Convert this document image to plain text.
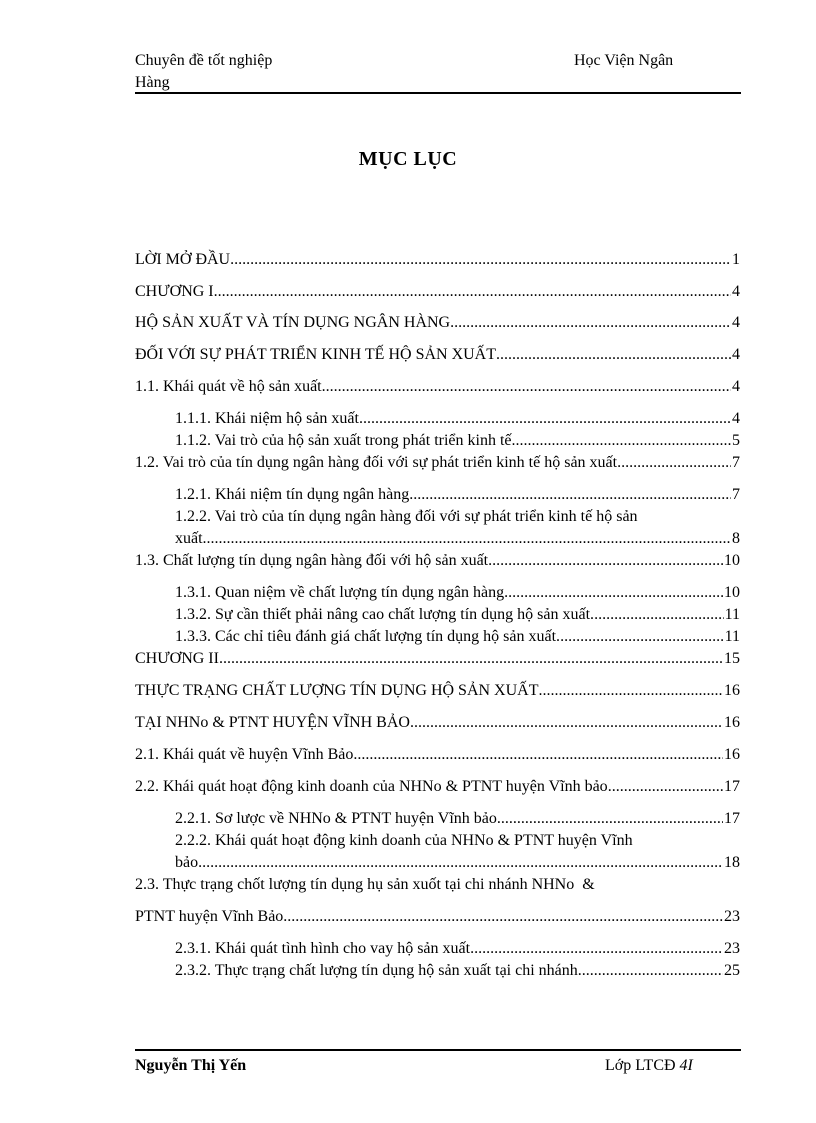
Chuyên đề tốt nghiệp
Hàng
Học Viện Ngân
MỤC LỤC
LỜI MỞ ĐẦU .....	1
CHƯƠNG I .....	4
HỘ SẢN XUẤT VÀ TÍN DỤNG NGÂN HÀNG .....	4
ĐỐI VỚI SỰ PHÁT TRIỂN KINH TẾ HỘ SẢN XUẤT .....	4
1.1. Khái quát về hộ sản xuất .....	4
1.1.1. Khái niệm hộ sản xuất .....	4
1.1.2. Vai trò của hộ sản xuất trong phát triển kinh tế .....	5
1.2. Vai trò của tín dụng ngân hàng đối với sự phát triển kinh tế hộ sản xuất .....	7
1.2.1. Khái niệm tín dụng ngân hàng .....	7
1.2.2. Vai trò của tín dụng ngân hàng đối với sự phát triển kinh tế hộ sản
xuất .....	8
1.3. Chất lượng tín dụng ngân hàng đối với hộ sản xuất .....	10
1.3.1. Quan niệm về chất lượng tín dụng ngân hàng .....	10
1.3.2. Sự cần thiết phải nâng cao chất lượng tín dụng hộ sản xuất. .....	11
1.3.3. Các chỉ tiêu đánh giá chất lượng tín dụng hộ sản xuất. .....	11
CHƯƠNG II .....	15
THỰC TRẠNG CHẤT LƯỢNG TÍN DỤNG HỘ SẢN XUẤT .....	16
TẠI NHNo & PTNT HUYỆN VĨNH BẢO .....	16
2.1. Khái quát về huyện Vĩnh Bảo .....	16
2.2. Khái quát hoạt động kinh doanh của NHNo & PTNT huyện Vĩnh bảo .....	17
2.2.1. Sơ lược về NHNo & PTNT huyện Vĩnh bảo .....	17
2.2.2. Khái quát hoạt động kinh doanh của NHNo & PTNT huyện Vĩnh
bảo .....	18
2.3. Thực trạng chốt lượng tín dụng hụ sản xuốt tại chi nhánh NHNo  &
PTNT huyện Vĩnh Bảo. .....	23
2.3.1. Khái quát tình hình cho vay hộ sản xuất. .....	23
2.3.2. Thực trạng chất lượng tín dụng hộ sản xuất tại chi nhánh .....	25
Nguyễn Thị Yến	Lớp LTCĐ 4I
